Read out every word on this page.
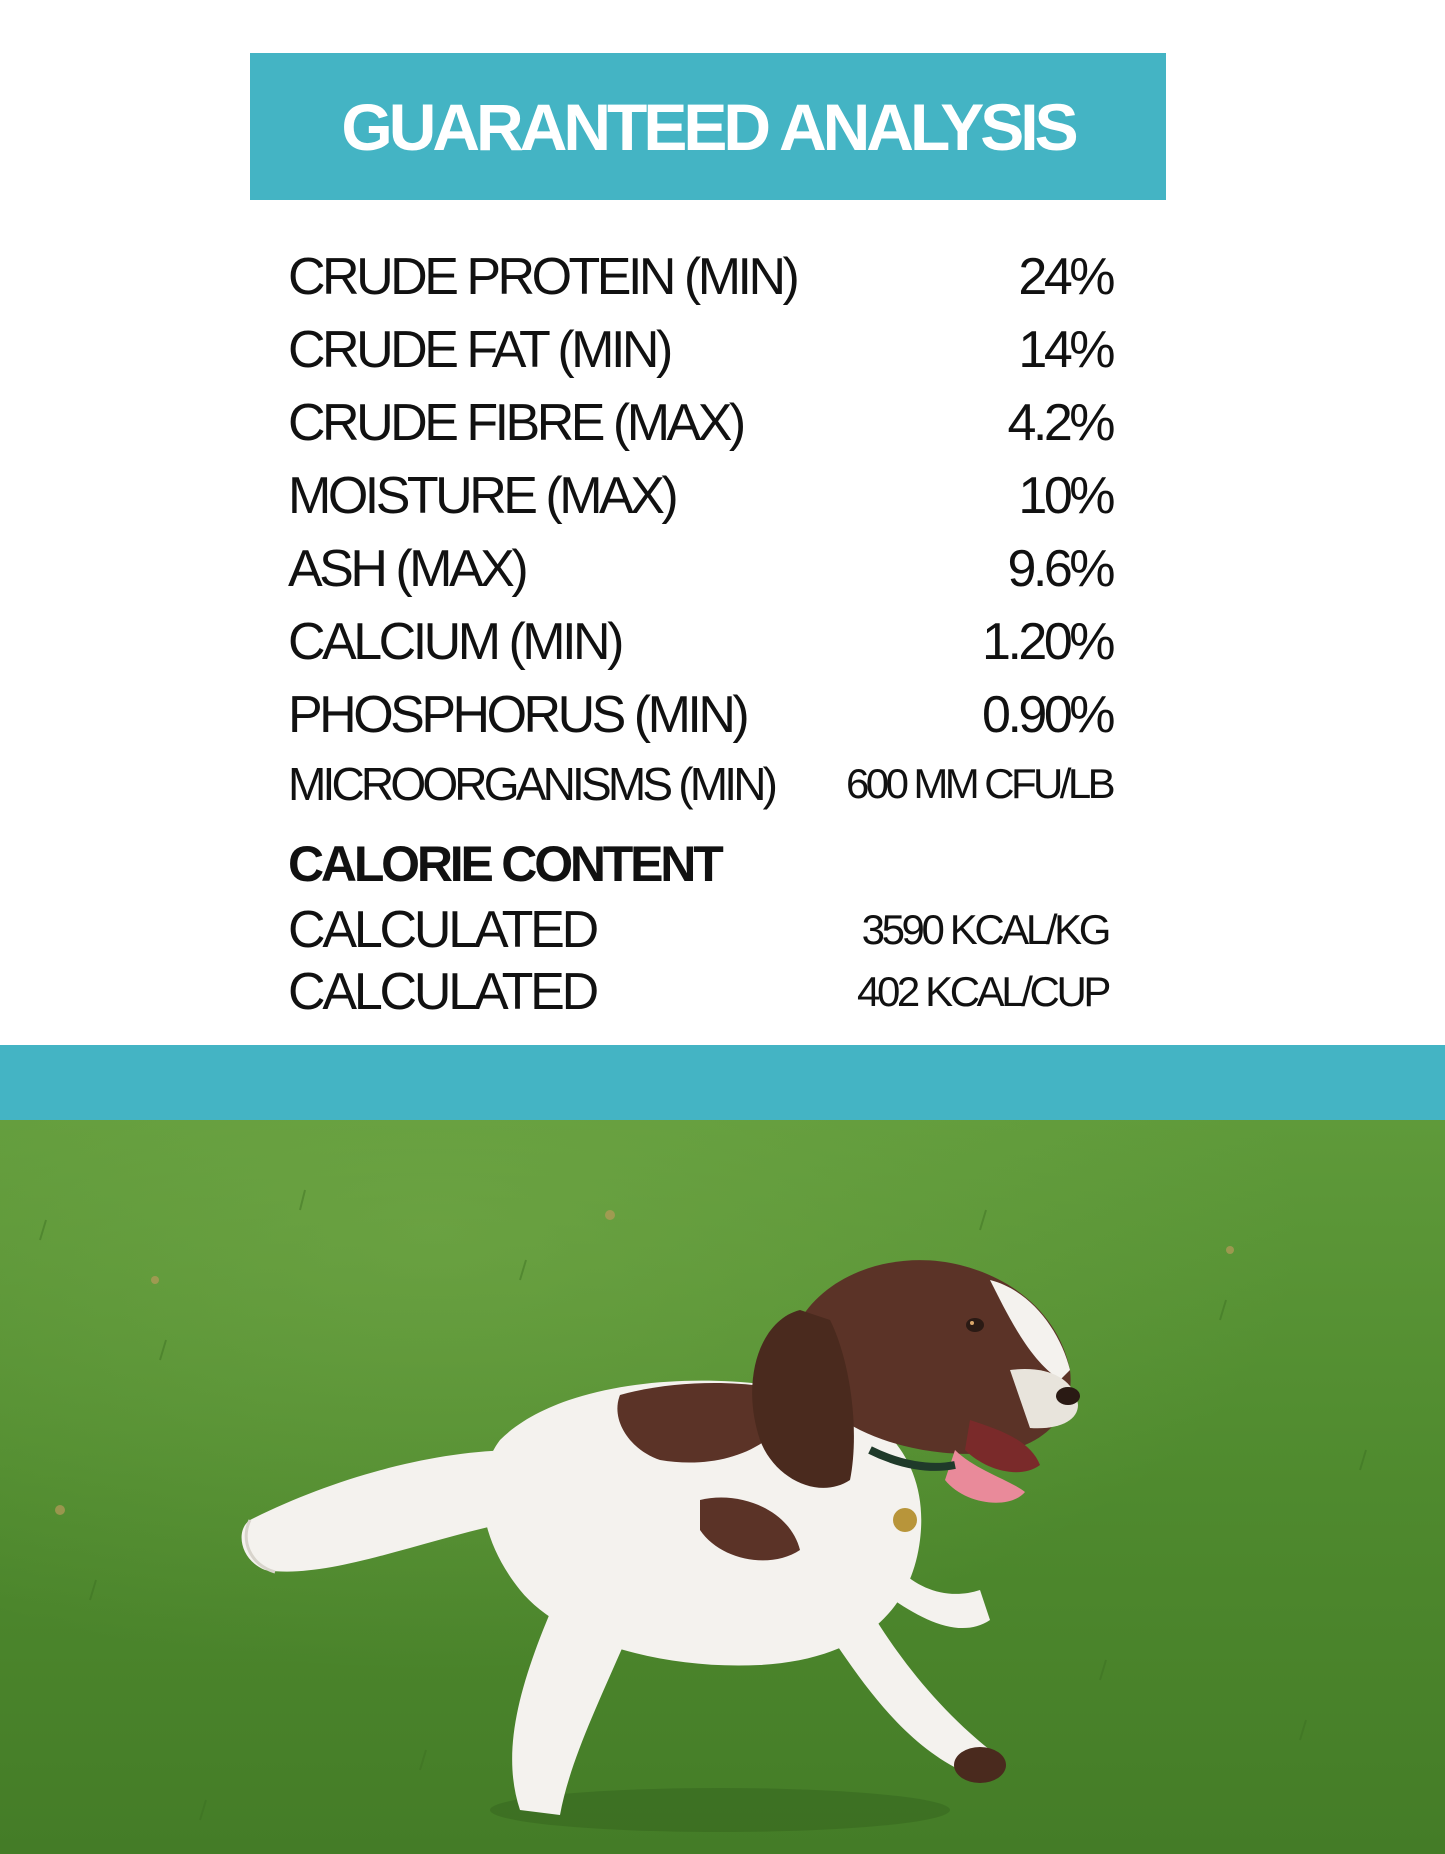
GUARANTEED ANALYSIS
CRUDE PROTEIN (MIN)	24%
CRUDE FAT (MIN)	14%
CRUDE FIBRE (MAX)	4.2%
MOISTURE (MAX)	10%
ASH (MAX)	9.6%
CALCIUM (MIN)	1.20%
PHOSPHORUS (MIN)	0.90%
MICROORGANISMS (MIN) 600 MM CFU/LB
CALORIE CONTENT
CALCULATED	3590 KCAL/KG
CALCULATED	402 KCAL/CUP
